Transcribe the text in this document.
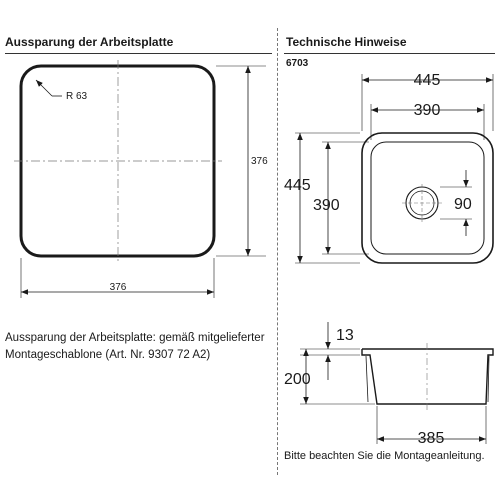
Aussparung der Arbeitsplatte	Technische Hinweise
6703
R 63
376
376
445
390
445
390	90
13
200
385
Aussparung der Arbeitsplatte: gemäß mitgelieferter
Montageschablone (Art. Nr. 9307 72 A2)
Bitte beachten Sie die Montageanleitung.
